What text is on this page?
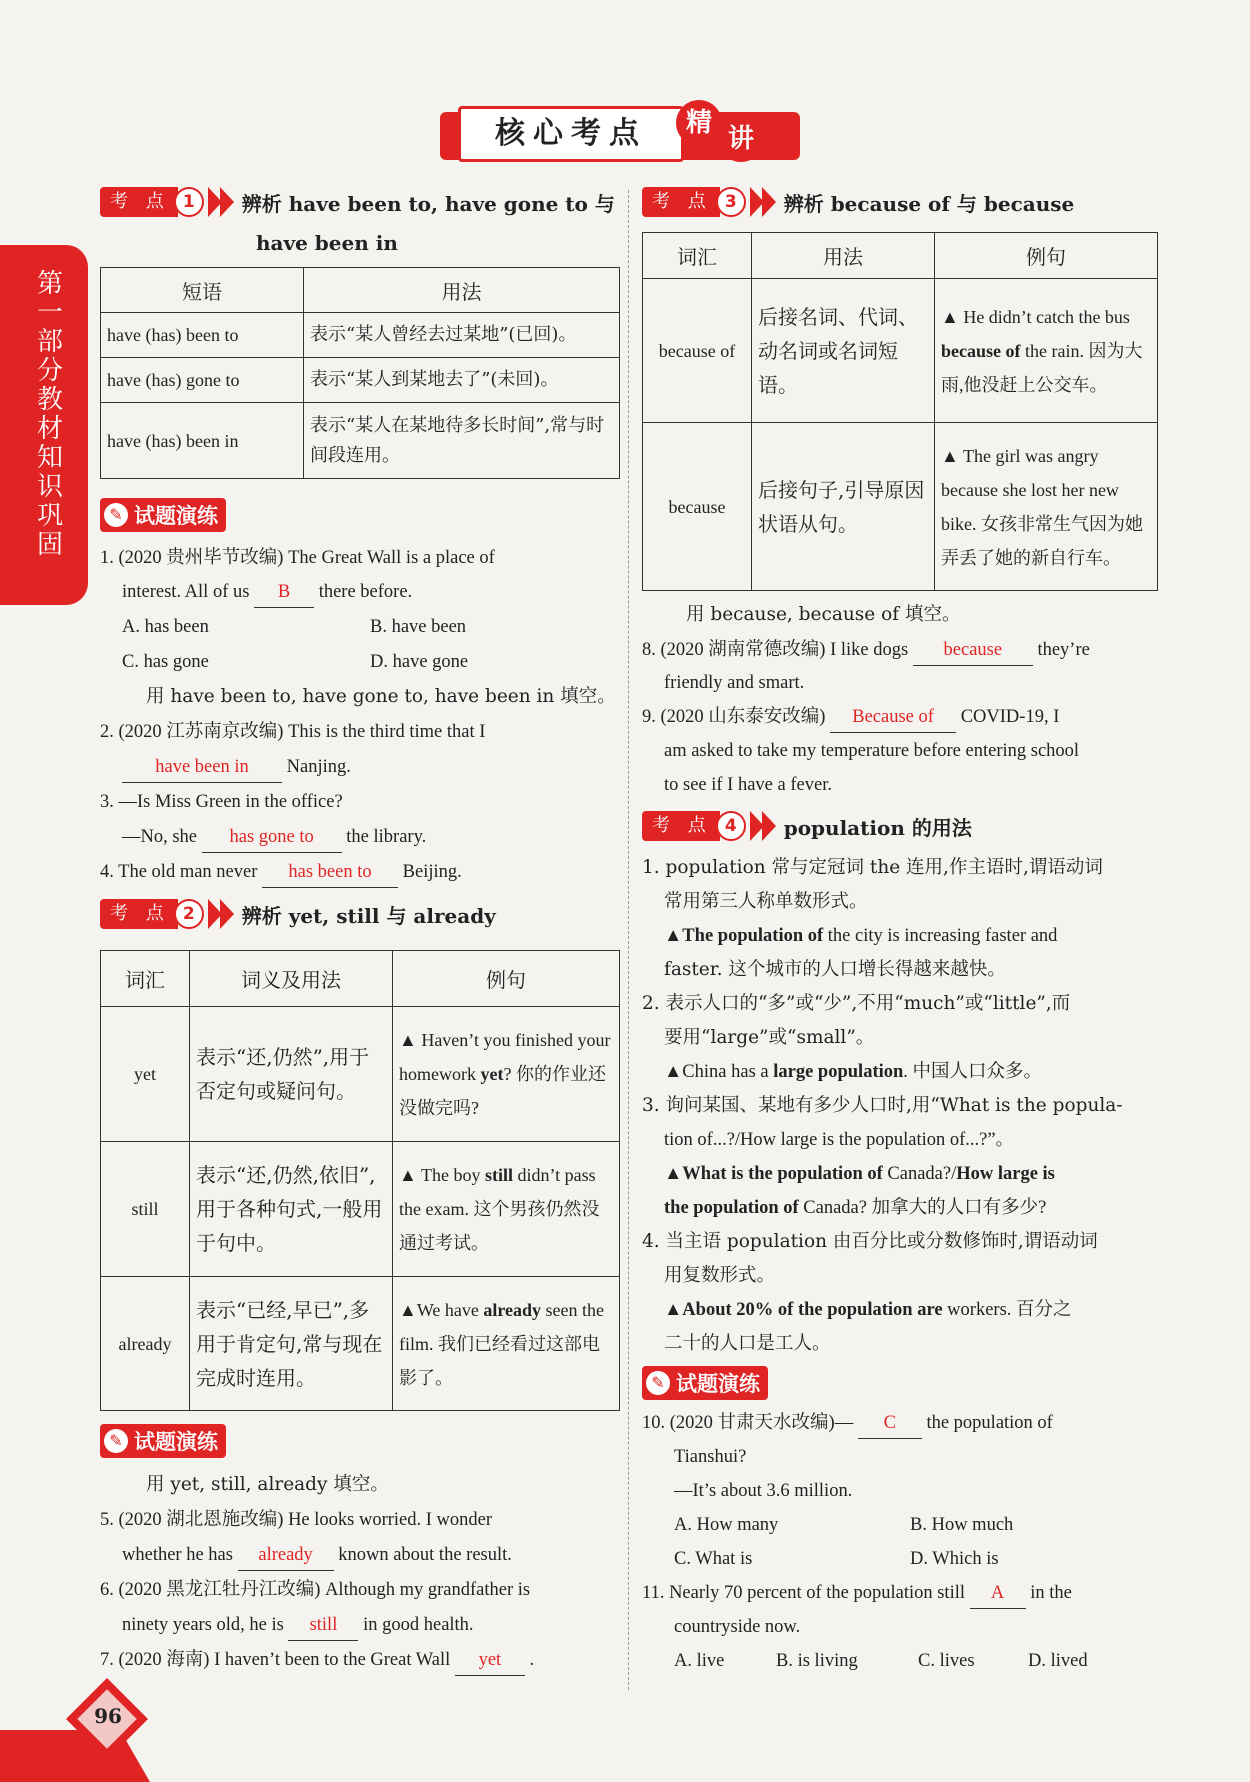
第一部分 教材知识巩固
核心考点	精
讲
考 点 1	辨析 have been to, have gone to 与
have been in
短语	用法
have (has) been to	表示“某人曾经去过某地”(已回)。
have (has) gone to	表示“某人到某地去了”(未回)。
have (has) been in	表示“某人在某地待多长时间”,常与时间段连用。
✎ 试题演练
1. (2020 贵州毕节改编) The Great Wall is a place of
interest. All of us B there before.
A. has been	B. have been
C. has gone	D. have gone
用 have been to, have gone to, have been in 填空。
2. (2020 江苏南京改编) This is the third time that I
have been in Nanjing.
3. —Is Miss Green in the office?
—No, she has gone to the library.
4. The old man never has been to Beijing.
考 点 2	辨析 yet, still 与 already
词汇	词义及用法	例句
yet	表示“还,仍然”,用于否定句或疑问句。	▲ Haven’t you finished your homework yet? 你的作业还没做完吗?
still	表示“还,仍然,依旧”,用于各种句式,一般用于句中。	▲ The boy still didn’t pass the exam. 这个男孩仍然没通过考试。
already	表示“已经,早已”,多用于肯定句,常与现在完成时连用。	▲We have already seen the film. 我们已经看过这部电影了。
✎ 试题演练
用 yet, still, already 填空。
5. (2020 湖北恩施改编) He looks worried. I wonder
whether he has already known about the result.
6. (2020 黑龙江牡丹江改编) Although my grandfather is
ninety years old, he is still in good health.
7. (2020 海南) I haven’t been to the Great Wall yet .
考 点 3	辨析 because of 与 because
词汇	用法	例句
because of	后接名词、代词、动名词或名词短语。	▲ He didn’t catch the bus because of the rain. 因为大雨,他没赶上公交车。
because	后接句子,引导原因状语从句。	▲ The girl was angry because she lost her new bike. 女孩非常生气因为她弄丢了她的新自行车。
用 because, because of 填空。
8. (2020 湖南常德改编) I like dogs because they’re
friendly and smart.
9. (2020 山东泰安改编) Because of COVID-19, I
am asked to take my temperature before entering school
to see if I have a fever.
考 点 4	population 的用法
1. population 常与定冠词 the 连用,作主语时,谓语动词
常用第三人称单数形式。
▲The population of the city is increasing faster and
faster. 这个城市的人口增长得越来越快。
2. 表示人口的“多”或“少”,不用“much”或“little”,而
要用“large”或“small”。
▲China has a large population. 中国人口众多。
3. 询问某国、某地有多少人口时,用“What is the popula-
tion of...?/How large is the population of...?”。
▲What is the population of Canada?/How large is
the population of Canada? 加拿大的人口有多少?
4. 当主语 population 由百分比或分数修饰时,谓语动词
用复数形式。
▲About 20% of the population are workers. 百分之
二十的人口是工人。
✎ 试题演练
10. (2020 甘肃天水改编)— C the population of
Tianshui?
—It’s about 3.6 million.
A. How many	B. How much
C. What is	D. Which is
11. Nearly 70 percent of the population still A in the
countryside now.
A. live	B. is living	C. lives	D. lived
96
